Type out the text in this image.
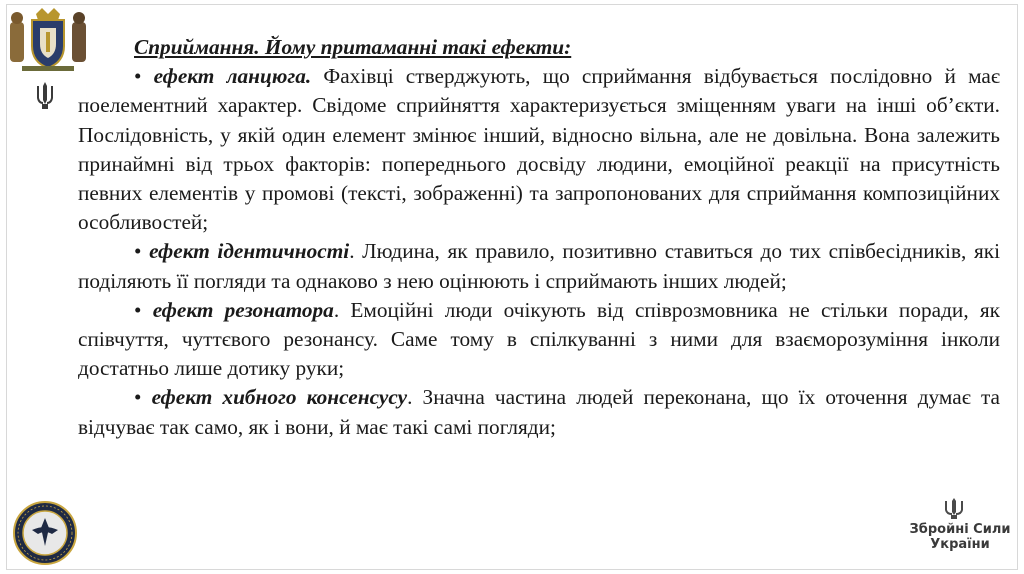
Збройні Сили
України
Сприймання. Йому притаманні такі ефекти:

• ефект ланцюга. Фахівці стверджують, що сприймання відбувається послідовно й має поелементний характер. Свідоме сприйняття характеризується зміщенням уваги на інші об’єкти. Послідовність, у якій один елемент змінює інший, відносно вільна, але не довільна. Вона залежить принаймні від трьох факторів: попереднього досвіду людини, емоційної реакції на присутність певних елементів у промові (тексті, зображенні) та запропонованих для сприймання композиційних особливостей;

• ефект ідентичності. Людина, як правило, позитивно ставиться до тих співбесідників, які поділяють її погляди та однаково з нею оцінюють і сприймають інших людей;

• ефект резонатора. Емоційні люди очікують від співрозмовника не стільки поради, як співчуття, чуттєвого резонансу. Саме тому в спілкуванні з ними для взаєморозуміння інколи достатньо лише дотику руки;

• ефект хибного консенсусу. Значна частина людей переконана, що їх оточення думає та відчуває так само, як і вони, й має такі самі погляди;
